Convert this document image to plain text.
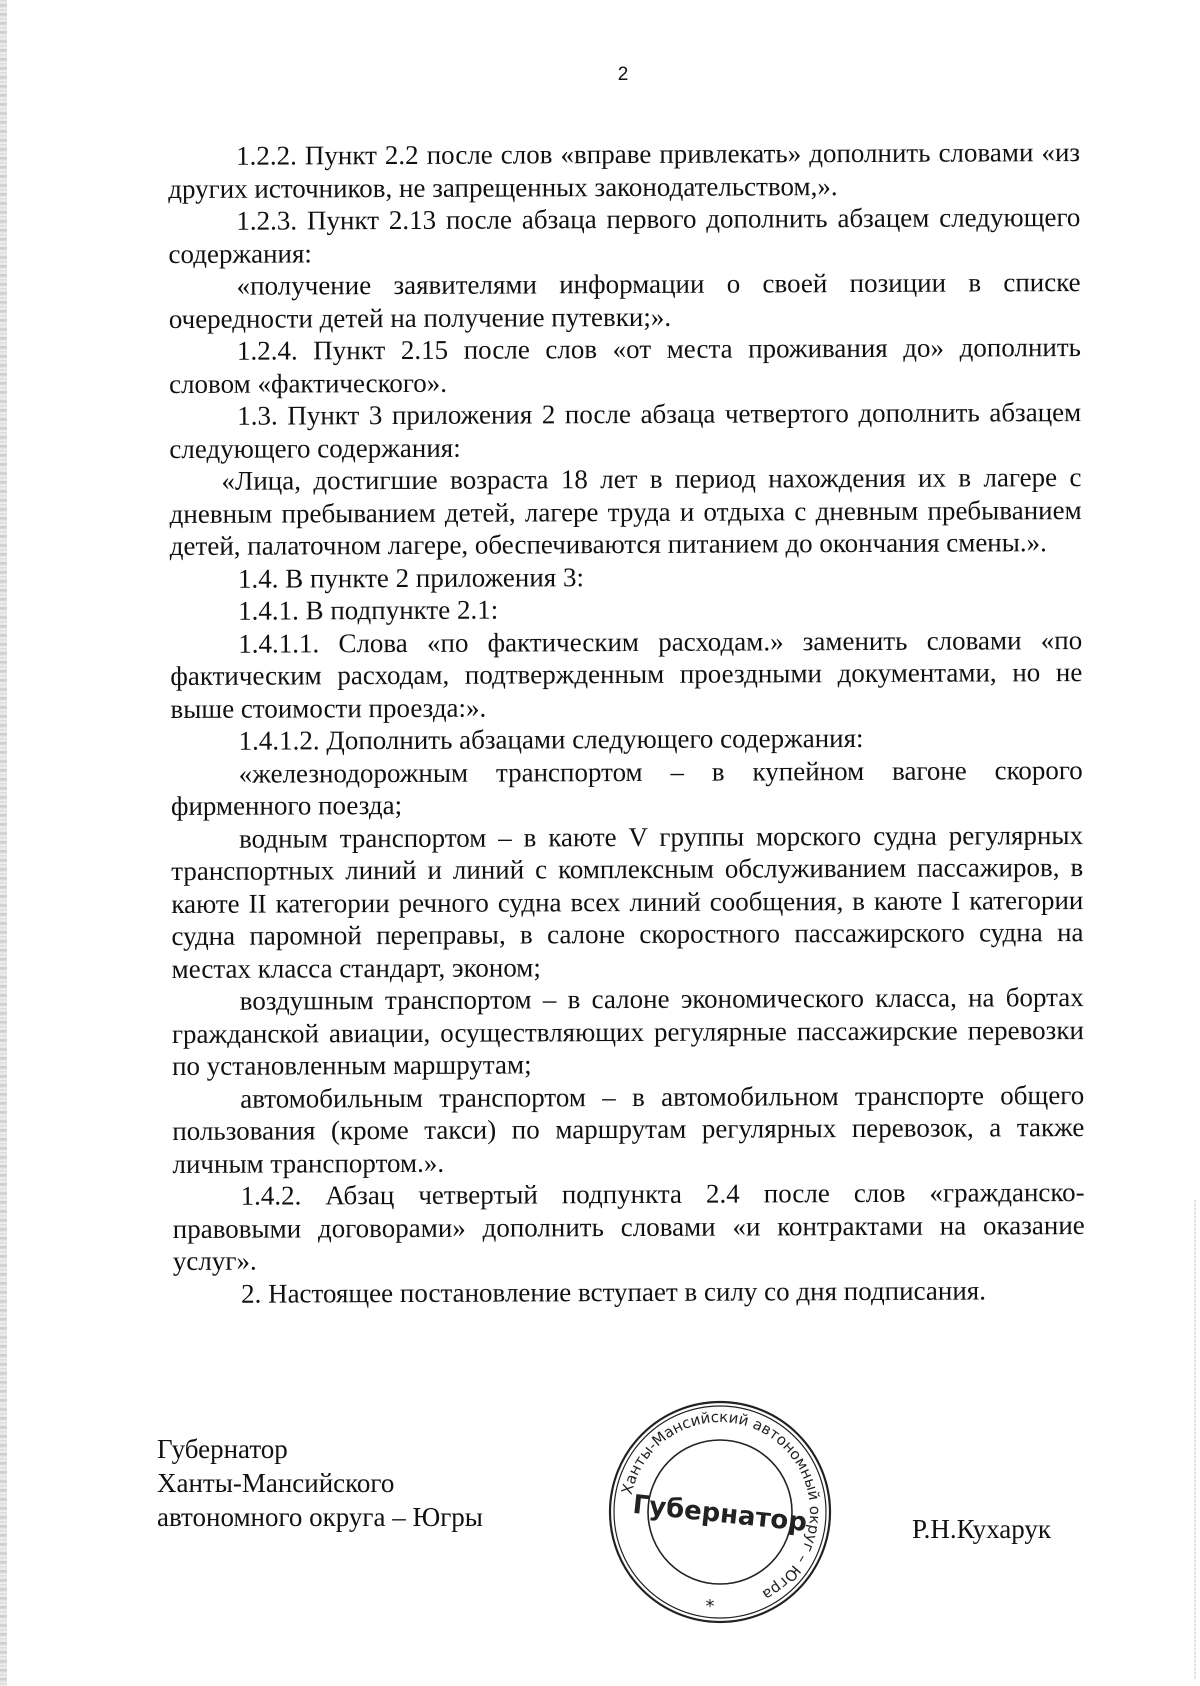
2

1.2.2. Пункт 2.2 после слов «вправе привлекать» дополнить словами «из других источников, не запрещенных законодательством,».

1.2.3. Пункт 2.13 после абзаца первого дополнить абзацем следующего содержания:

«получение заявителями информации о своей позиции в списке очередности детей на получение путевки;».

1.2.4. Пункт 2.15 после слов «от места проживания до» дополнить словом «фактического».

1.3. Пункт 3 приложения 2 после абзаца четвертого дополнить абзацем следующего содержания:

«Лица, достигшие возраста 18 лет в период нахождения их в лагере с дневным пребыванием детей, лагере труда и отдыха с дневным пребыванием детей, палаточном лагере, обеспечиваются питанием до окончания смены.».

1.4. В пункте 2 приложения 3:

1.4.1. В подпункте 2.1:

1.4.1.1. Слова «по фактическим расходам.» заменить словами «по фактическим расходам, подтвержденным проездными документами, но не выше стоимости проезда:».

1.4.1.2. Дополнить абзацами следующего содержания:

«железнодорожным транспортом – в купейном вагоне скорого фирменного поезда;

водным транспортом – в каюте V группы морского судна регулярных транспортных линий и линий с комплексным обслуживанием пассажиров, в каюте II категории речного судна всех линий сообщения, в каюте I категории судна паромной переправы, в салоне скоростного пассажирского судна на местах класса стандарт, эконом;

воздушным транспортом – в салоне экономического класса, на бортах гражданской авиации, осуществляющих регулярные пассажирские перевозки по установленным маршрутам;

автомобильным транспортом – в автомобильном транспорте общего пользования (кроме такси) по маршрутам регулярных перевозок, а также личным транспортом.».

1.4.2. Абзац четвертый подпункта 2.4 после слов «гражданско-правовыми договорами» дополнить словами «и контрактами на оказание услуг».

2. Настоящее постановление вступает в силу со дня подписания.

Губернатор
Ханты-Мансийского
автономного округа – Югры
Ханты-Мансийский автономный округ – Югра
Губернатор
*
Р.Н.Кухарук
